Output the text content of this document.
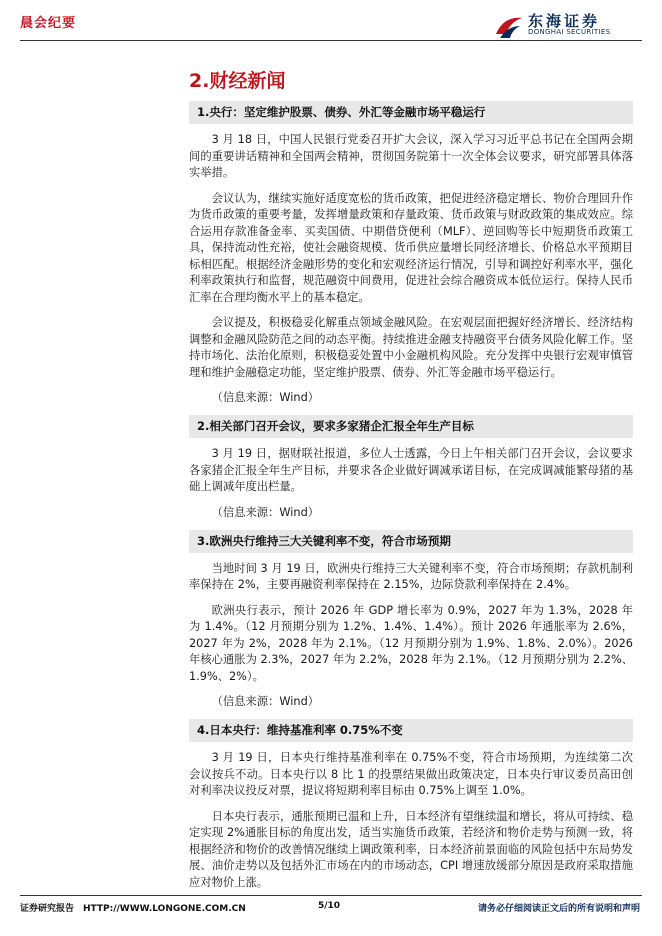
晨会纪要	东海证券
DONGHAI SECURITIES
2.财经新闻
1.央行：坚定维护股票、债券、外汇等金融市场平稳运行

3 月 18 日，中国人民银行党委召开扩大会议，深入学习习近平总书记在全国两会期间的重要讲话精神和全国两会精神，贯彻国务院第十一次全体会议要求，研究部署具体落实举措。

会议认为，继续实施好适度宽松的货币政策，把促进经济稳定增长、物价合理回升作为货币政策的重要考量，发挥增量政策和存量政策、货币政策与财政政策的集成效应。综合运用存款准备金率、买卖国债、中期借贷便利（MLF）、逆回购等长中短期货币政策工具，保持流动性充裕，使社会融资规模、货币供应量增长同经济增长、价格总水平预期目标相匹配。根据经济金融形势的变化和宏观经济运行情况，引导和调控好利率水平，强化利率政策执行和监督，规范融资中间费用，促进社会综合融资成本低位运行。保持人民币汇率在合理均衡水平上的基本稳定。

会议提及，积极稳妥化解重点领域金融风险。在宏观层面把握好经济增长、经济结构调整和金融风险防范之间的动态平衡。持续推进金融支持融资平台债务风险化解工作。坚持市场化、法治化原则，积极稳妥处置中小金融机构风险。充分发挥中央银行宏观审慎管理和维护金融稳定功能，坚定维护股票、债券、外汇等金融市场平稳运行。

（信息来源：Wind）

2.相关部门召开会议，要求多家猪企汇报全年生产目标

3 月 19 日，据财联社报道，多位人士透露，今日上午相关部门召开会议，会议要求各家猪企汇报全年生产目标，并要求各企业做好调减承诺目标，在完成调减能繁母猪的基础上调减年度出栏量。

（信息来源：Wind）

3.欧洲央行维持三大关键利率不变，符合市场预期

当地时间 3 月 19 日，欧洲央行维持三大关键利率不变，符合市场预期；存款机制利率保持在 2%，主要再融资利率保持在 2.15%，边际贷款利率保持在 2.4%。

欧洲央行表示，预计 2026 年 GDP 增长率为 0.9%，2027 年为 1.3%，2028 年为 1.4%。（12 月预期分别为 1.2%、1.4%、1.4%）。预计 2026 年通胀率为 2.6%，2027 年为 2%，2028 年为 2.1%。（12 月预期分别为 1.9%、1.8%、2.0%）。2026 年核心通胀为 2.3%，2027 年为 2.2%，2028 年为 2.1%。（12 月预期分别为 2.2%、1.9%、2%）。

（信息来源：Wind）

4.日本央行：维持基准利率 0.75%不变

3 月 19 日，日本央行维持基准利率在 0.75%不变，符合市场预期，为连续第二次会议按兵不动。日本央行以 8 比 1 的投票结果做出政策决定，日本央行审议委员高田创对利率决议投反对票，提议将短期利率目标由 0.75%上调至 1.0%。

日本央行表示，通胀预期已温和上升，日本经济有望继续温和增长，将从可持续、稳定实现 2%通胀目标的角度出发，适当实施货币政策，若经济和物价走势与预测一致，将根据经济和物价的改善情况继续上调政策利率，日本经济前景面临的风险包括中东局势发展、油价走势以及包括外汇市场在内的市场动态，CPI 增速放缓部分原因是政府采取措施应对物价上涨。

证券研究报告　HTTP://WWW.LONGONE.COM.CN	5/10	请务必仔细阅读正文后的所有说明和声明
